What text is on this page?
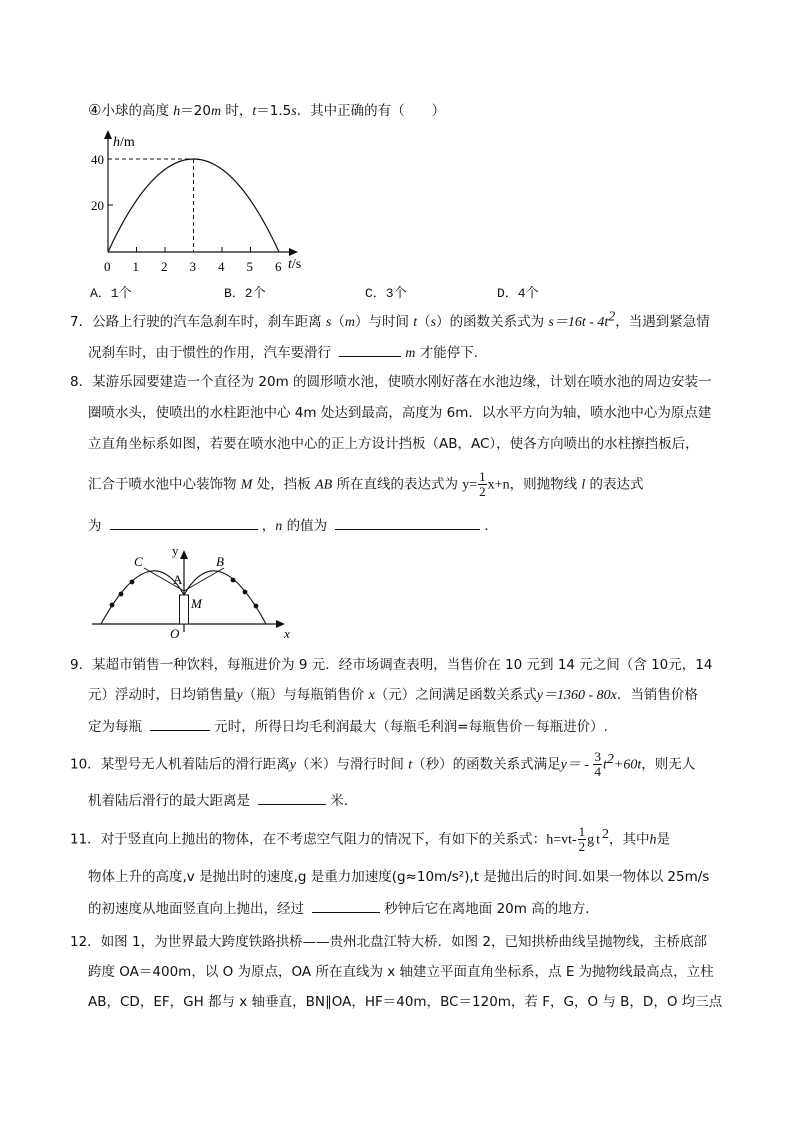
④小球的高度 h＝20m 时，t＝1.5s．其中正确的有（　　）
h/m
40
20
0 1 2 3 4 5 6 t/s
A．1个	B．2个	C．3个	D．4个
7．公路上行驶的汽车急刹车时，刹车距离 s（m）与时间 t（s）的函数关系式为 $s=16t - 4t^2$，当遇到紧急情
况刹车时，由于惯性的作用，汽车要滑行	m 才能停下．
8．某游乐园要建造一个直径为 20m 的圆形喷水池，使喷水刚好落在水池边缘，计划在喷水池的周边安装一
圈喷水头，使喷出的水柱距池中心 4m 处达到最高，高度为 6m．以水平方向为轴，喷水池中心为原点建
立直角坐标系如图，若要在喷水池中心的正上方设计挡板（AB，AC），使各方向喷出的水柱擦挡板后，
汇合于喷水池中心装饰物 M 处，挡板 AB 所在直线的表达式为 $y= \frac{1}{2} x+n$，则抛物线 l 的表达式
为	，n 的值为	．
C
A
B
M
O	x
y
9．某超市销售一种饮料，每瓶进价为 9 元．经市场调查表明，当售价在 10 元到 14 元之间（含 10元，14
元）浮动时，日均销售量y（瓶）与每瓶销售价 x（元）之间满足函数关系式y＝1360 - 80x．当销售价格
定为每瓶	元时，所得日均毛利润最大（每瓶毛利润=每瓶售价－每瓶进价）.
10．某型号无人机着陆后的滑行距离y（米）与滑行时间 t（秒）的函数关系式满足$y= - \frac{3}{4} t^2+60t$，则无人
机着陆后滑行的最大距离是	米．
11．对于竖直向上抛出的物体，在不考虑空气阻力的情况下，有如下的关系式：$h=vt- \frac{1}{2} gt^2$，其中h是
物体上升的高度,v 是抛出时的速度,g 是重力加速度(g≈10m/s²),t 是抛出后的时间.如果一物体以 25m/s
的初速度从地面竖直向上抛出，经过	秒钟后它在离地面 20m 高的地方．
12．如图 1，为世界最大跨度铁路拱桥——贵州北盘江特大桥．如图 2，已知拱桥曲线呈抛物线，主桥底部
跨度 OA＝400m，以 O 为原点，OA 所在直线为 x 轴建立平面直角坐标系，点 E 为抛物线最高点，立柱
AB，CD，EF，GH 都与 x 轴垂直，BN∥OA，HF＝40m，BC＝120m，若 F，G，O 与 B，D，O 均三点
